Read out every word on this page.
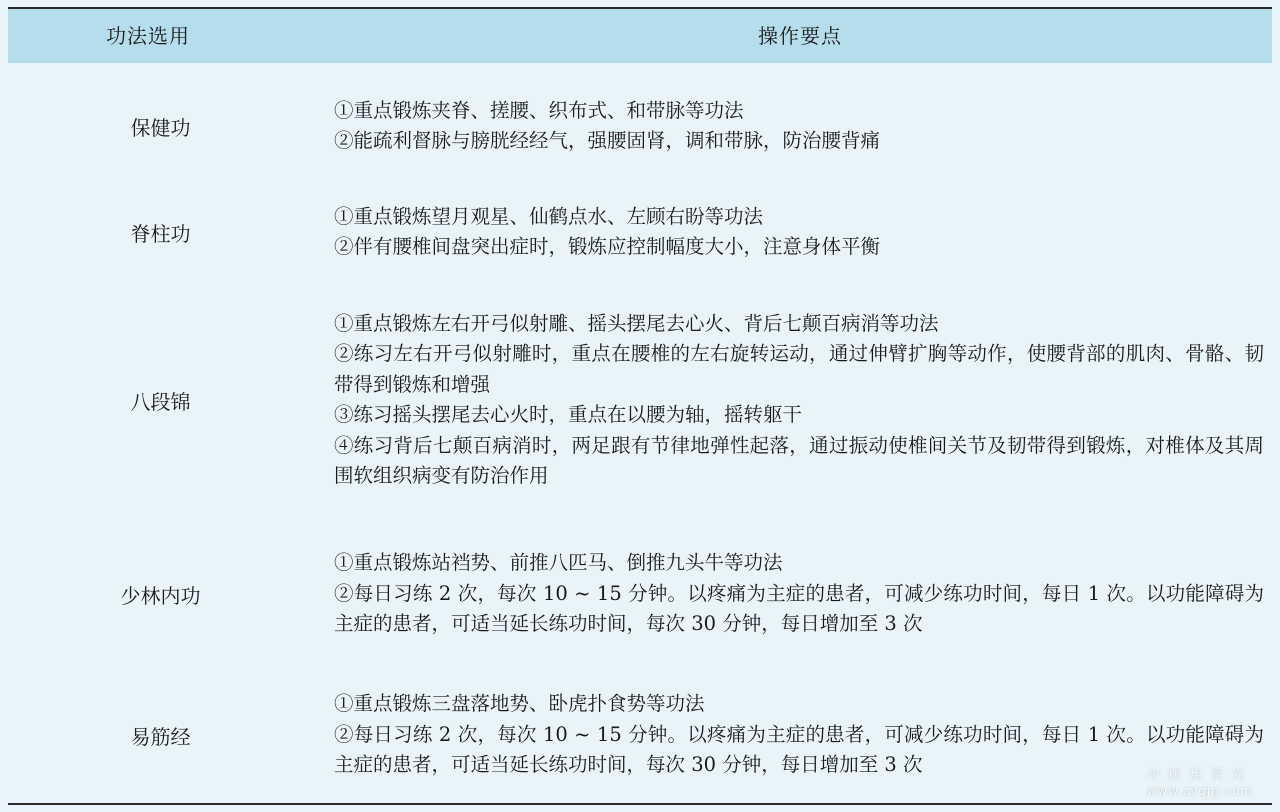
功法选用	操作要点
保健功
①重点锻炼夹脊、搓腰、织布式、和带脉等功法
②能疏利督脉与膀胱经经气，强腰固肾，调和带脉，防治腰背痛
脊柱功
①重点锻炼望月观星、仙鹤点水、左顾右盼等功法
②伴有腰椎间盘突出症时，锻炼应控制幅度大小，注意身体平衡
八段锦
①重点锻炼左右开弓似射雕、摇头摆尾去心火、背后七颠百病消等功法
②练习左右开弓似射雕时，重点在腰椎的左右旋转运动，通过伸臂扩胸等动作，使腰背部的肌肉、骨骼、韧带得到锻炼和增强
③练习摇头摆尾去心火时，重点在以腰为轴，摇转躯干
④练习背后七颠百病消时，两足跟有节律地弹性起落，通过振动使椎间关节及韧带得到锻炼，对椎体及其周围软组织病变有防治作用
少林内功
①重点锻炼站裆势、前推八匹马、倒推九头牛等功法
②每日习练 2 次，每次 10 ~ 15 分钟。以疼痛为主症的患者，可减少练功时间，每日 1 次。以功能障碍为主症的患者，可适当延长练功时间，每次 30 分钟，每日增加至 3 次
易筋经
①重点锻炼三盘落地势、卧虎扑食势等功法
②每日习练 2 次，每次 10 ~ 15 分钟。以疼痛为主症的患者，可减少练功时间，每日 1 次。以功能障碍为主症的患者，可适当延长练功时间，每次 30 分钟，每日增加至 3 次	中医启贤光
www.zyqjg.com
